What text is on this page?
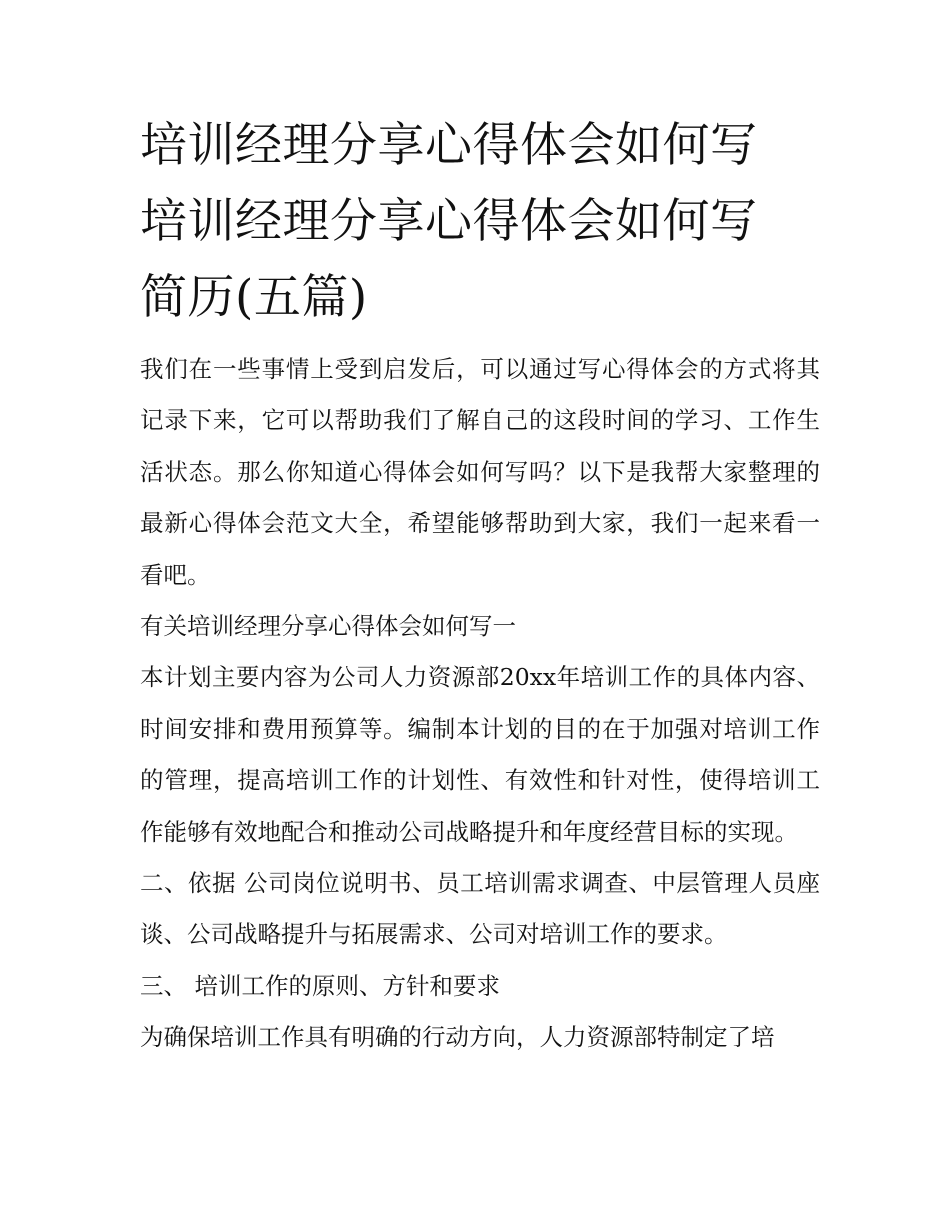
培训经理分享心得体会如何写
培训经理分享心得体会如何写
简历(五篇)

我们在一些事情上受到启发后，可以通过写心得体会的方式将其记录下来，它可以帮助我们了解自己的这段时间的学习、工作生活状态。那么你知道心得体会如何写吗？以下是我帮大家整理的最新心得体会范文大全，希望能够帮助到大家，我们一起来看一看吧。

有关培训经理分享心得体会如何写一

本计划主要内容为公司人力资源部20xx年培训工作的具体内容、时间安排和费用预算等。编制本计划的目的在于加强对培训工作的管理，提高培训工作的计划性、有效性和针对性，使得培训工作能够有效地配合和推动公司战略提升和年度经营目标的实现。

二、依据 公司岗位说明书、员工培训需求调查、中层管理人员座谈、公司战略提升与拓展需求、公司对培训工作的要求。

三、 培训工作的原则、方针和要求

为确保培训工作具有明确的行动方向，人力资源部特制定了培
